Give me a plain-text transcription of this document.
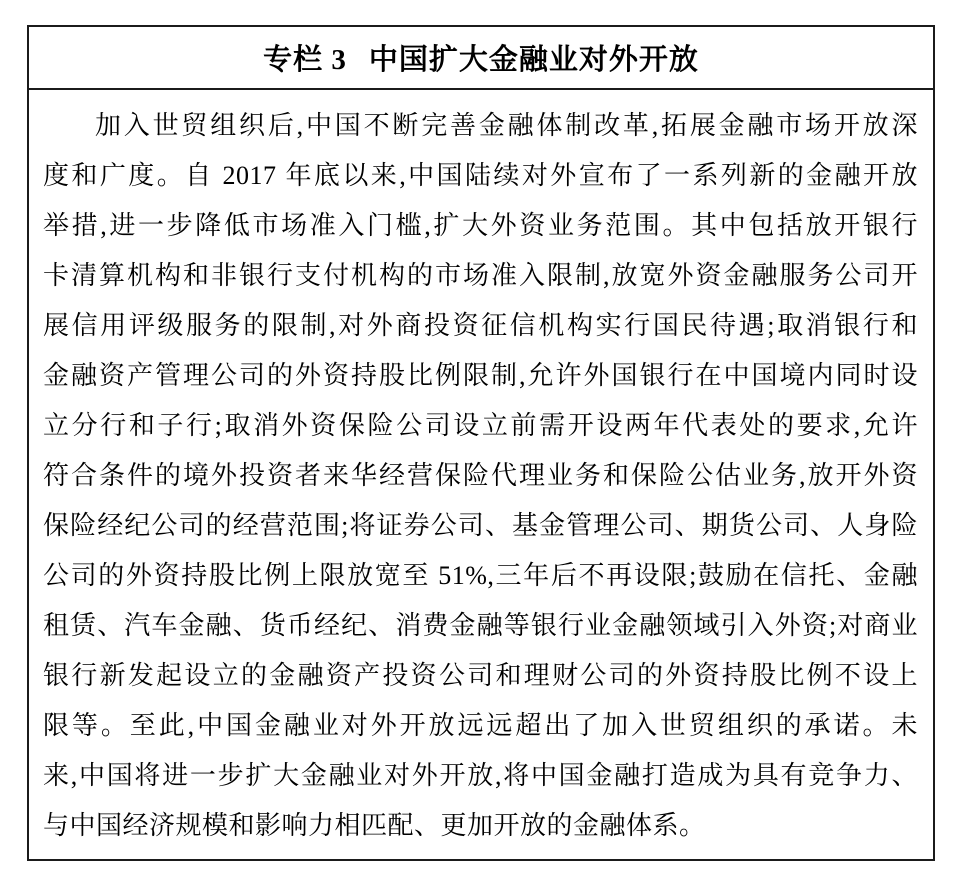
专栏 3 中国扩大金融业对外开放
加入世贸组织后,中国不断完善金融体制改革,拓展金融市场开放深
度和广度。自 2017 年底以来,中国陆续对外宣布了一系列新的金融开放
举措,进一步降低市场准入门槛,扩大外资业务范围。其中包括放开银行
卡清算机构和非银行支付机构的市场准入限制,放宽外资金融服务公司开
展信用评级服务的限制,对外商投资征信机构实行国民待遇;取消银行和
金融资产管理公司的外资持股比例限制,允许外国银行在中国境内同时设
立分行和子行;取消外资保险公司设立前需开设两年代表处的要求,允许
符合条件的境外投资者来华经营保险代理业务和保险公估业务,放开外资
保险经纪公司的经营范围;将证券公司、基金管理公司、期货公司、人身险
公司的外资持股比例上限放宽至 51%,三年后不再设限;鼓励在信托、金融
租赁、汽车金融、货币经纪、消费金融等银行业金融领域引入外资;对商业
银行新发起设立的金融资产投资公司和理财公司的外资持股比例不设上
限等。至此,中国金融业对外开放远远超出了加入世贸组织的承诺。未
来,中国将进一步扩大金融业对外开放,将中国金融打造成为具有竞争力、
与中国经济规模和影响力相匹配、更加开放的金融体系。
